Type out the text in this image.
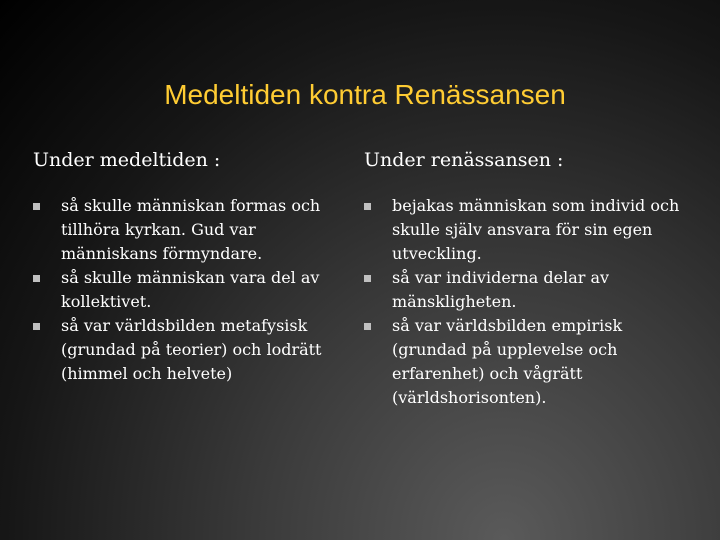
Medeltiden kontra Renässansen
Under medeltiden :
så skulle människan formas och tillhöra kyrkan. Gud var människans förmyndare.
så skulle människan vara del av kollektivet.
så var världsbilden metafysisk (grundad på teorier) och lodrätt (himmel och helvete)
Under renässansen :
bejakas människan som individ och skulle själv ansvara för sin egen utveckling.
så var individerna delar av mänskligheten.
så var världsbilden empirisk (grundad på upplevelse och erfarenhet) och vågrätt (världshorisonten).
